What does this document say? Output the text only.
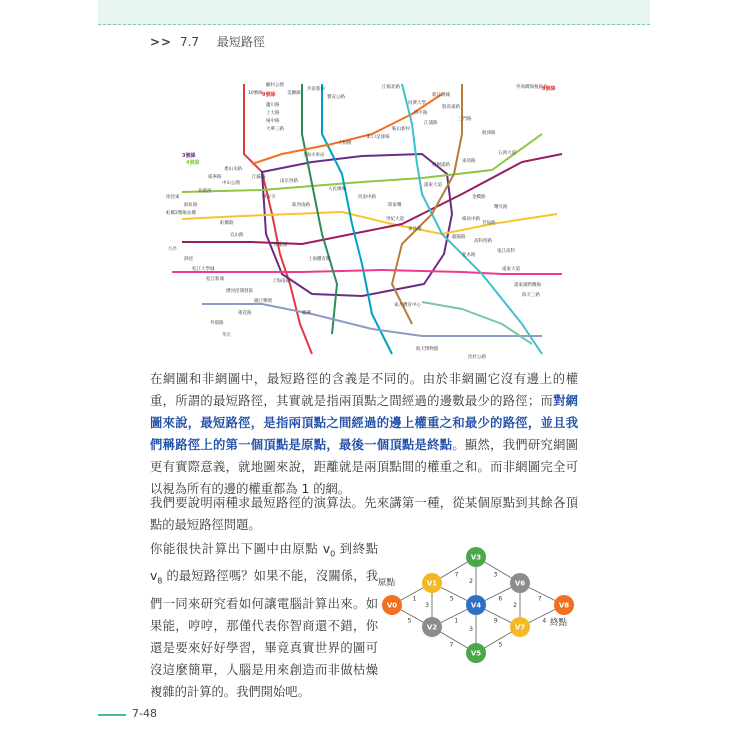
>> 7.7 最短路徑
10號線
蘊川路
上大路
場中路
大華三路
共富新村
寶安公路
江楊北路
同濟大學
四平路
江浦路
鞍山新村
虹口足球場
大柏樹
上海火車站
中山公園
人民廣場
陝西南路
靜安寺
徐家匯
世紀大道
龍陽路
張江高科
上海南站
虹橋路
宜山路
漕河涇開發區
莘庄
外環路
蓮花路
錦江樂園
東方體育中心
東靖路
五洲大道
浦東大道
楊樹浦路
徐涇東
虹橋2號航站樓
淞虹路
北新涇
威寧路
娄山关路
江蘇路
南京西路
河南中路
陸家嘴
東昌路
浦東國際機場
遠東大道
海天三路
顧村公園
美蘭湖	新江灣城
殷高東路
三門路
航津路
外高橋保稅區北
九亭
泗涇
松江大學城
松江新城
沈杜公路
航天博物館
曙光路
金橋路
楊高中路
芳甸路
高科西路
花木路
龍華
上海體育館
8號線
4號線
3號線
9號線
在網圖和非網圖中，最短路徑的含義是不同的。由於非網圖它沒有邊上的權重，所謂的最短路徑，其實就是指兩頂點之間經過的邊數最少的路徑；而對網圖來說，最短路徑，是指兩頂點之間經過的邊上權重之和最少的路徑，並且我們稱路徑上的第一個頂點是原點，最後一個頂點是終點。顯然，我們研究網圖更有實際意義，就地圖來說，距離就是兩頂點間的權重之和。而非網圖完全可以視為所有的邊的權重都為 1 的網。
我們要說明兩種求最短路徑的演算法。先來講第一種，從某個原點到其餘各頂點的最短路徑問題。
你能很快計算出下圖中由原點 $v_0$ 到終點 $v_8$ 的最短路徑嗎？如果不能，沒關係，我們一同來研究看如何讓電腦計算出來。如果能，哼哼，那僅代表你智商還不錯，你還是要來好好學習，畢竟真實世界的圖可沒這麼簡單，人腦是用來創造而非做枯燥複雜的計算的。我們開始吧。
原點
終點
1
5
3
7
5
1
7
2
3
3
6
9
5
2
7
4
V0
V1
V2
V3
V4
V5
V6
V7
V8
7-48
